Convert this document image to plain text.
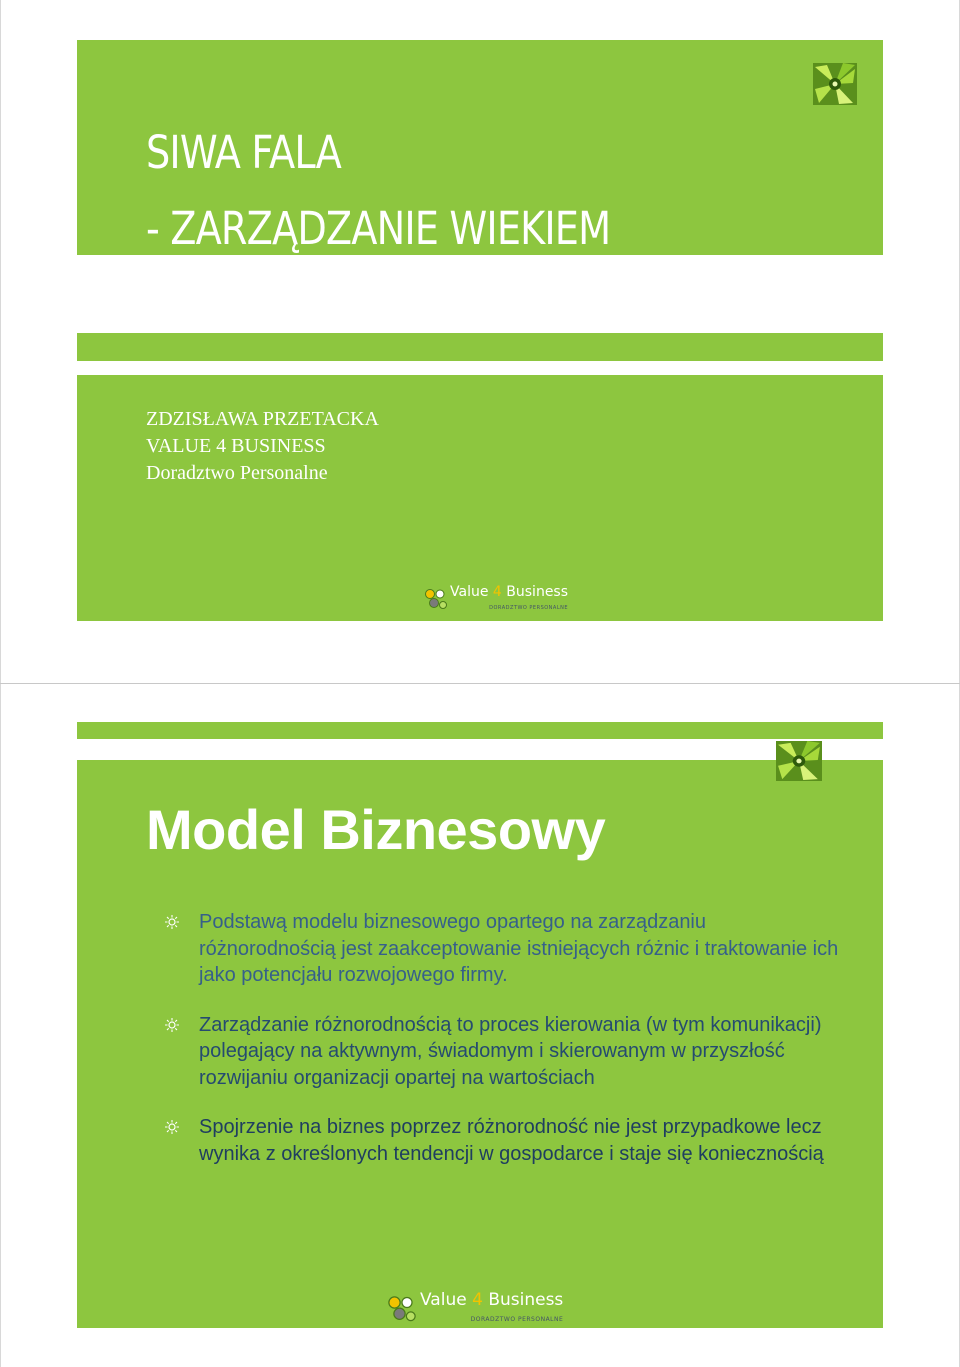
SIWA FALA
- ZARZĄDZANIE WIEKIEM
ZDZISŁAWA PRZETACKA
VALUE 4 BUSINESS
Doradztwo Personalne
Value 4 Business
DORADZTWO PERSONALNE
Model Biznesowy
Podstawą modelu biznesowego opartego na zarządzaniu różnorodnością jest zaakceptowanie istniejących różnic i traktowanie ich jako potencjału rozwojowego firmy.
Zarządzanie różnorodnością to proces kierowania (w tym komunikacji) polegający na aktywnym, świadomym i skierowanym w przyszłość rozwijaniu organizacji opartej na wartościach
Spojrzenie na biznes poprzez różnorodność nie jest przypadkowe lecz wynika z określonych tendencji w gospodarce i staje się koniecznością
Value 4 Business
DORADZTWO PERSONALNE
